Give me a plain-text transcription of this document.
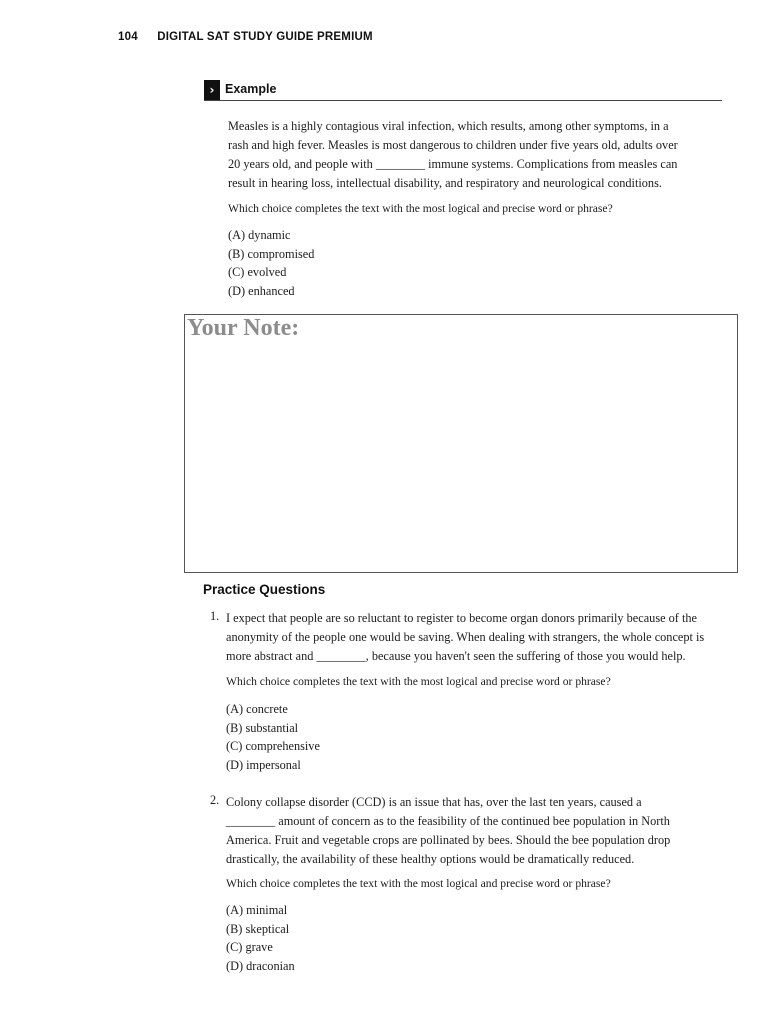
104 DIGITAL SAT STUDY GUIDE PREMIUM
› Example
Measles is a highly contagious viral infection, which results, among other symptoms, in a
rash and high fever. Measles is most dangerous to children under five years old, adults over
20 years old, and people with ________ immune systems. Complications from measles can
result in hearing loss, intellectual disability, and respiratory and neurological conditions.
Which choice completes the text with the most logical and precise word or phrase?
(A) dynamic
(B) compromised
(C) evolved
(D) enhanced
Your Note:
Practice Questions
1. I expect that people are so reluctant to register to become organ donors primarily because of the
anonymity of the people one would be saving. When dealing with strangers, the whole concept is
more abstract and ________, because you haven't seen the suffering of those you would help.
Which choice completes the text with the most logical and precise word or phrase?
(A) concrete
(B) substantial
(C) comprehensive
(D) impersonal
2. Colony collapse disorder (CCD) is an issue that has, over the last ten years, caused a
________ amount of concern as to the feasibility of the continued bee population in North
America. Fruit and vegetable crops are pollinated by bees. Should the bee population drop
drastically, the availability of these healthy options would be dramatically reduced.
Which choice completes the text with the most logical and precise word or phrase?
(A) minimal
(B) skeptical
(C) grave
(D) draconian
